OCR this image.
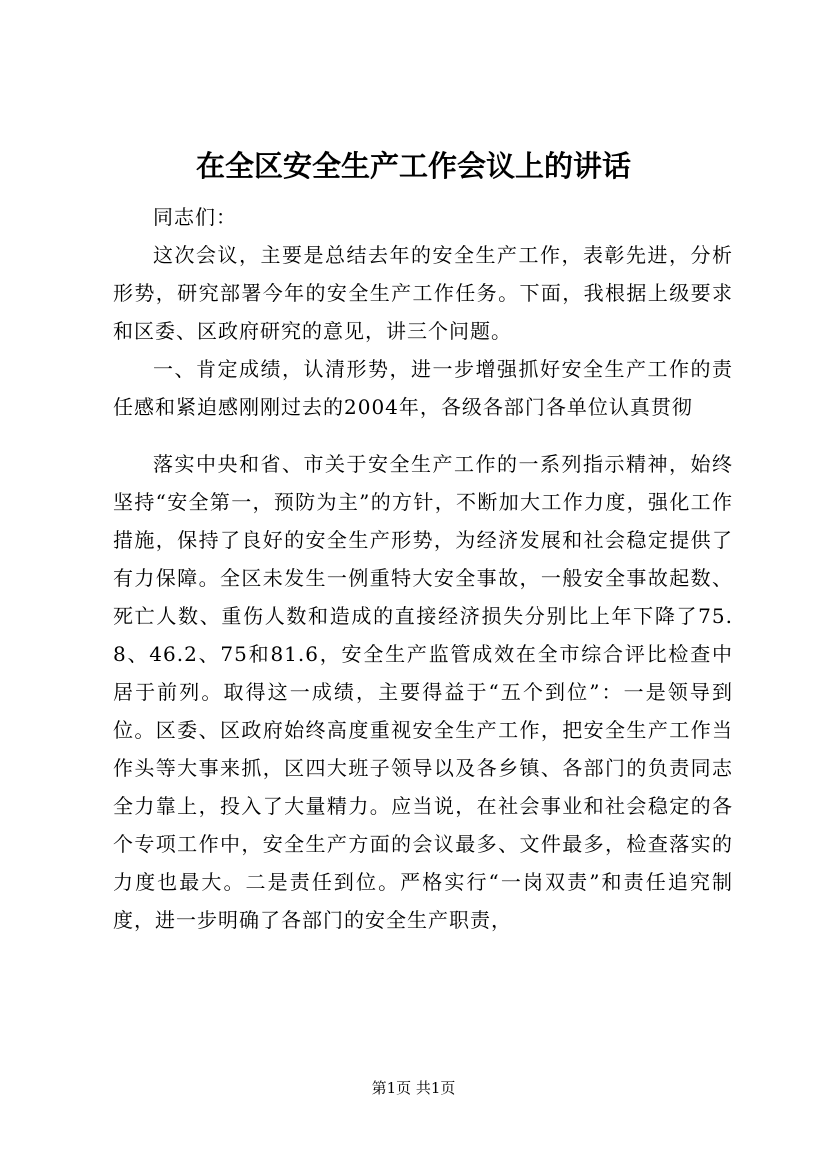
在全区安全生产工作会议上的讲话

同志们：

这次会议，主要是总结去年的安全生产工作，表彰先进，分析形势，研究部署今年的安全生产工作任务。下面，我根据上级要求和区委、区政府研究的意见，讲三个问题。

一、肯定成绩，认清形势，进一步增强抓好安全生产工作的责任感和紧迫感刚刚过去的2004年，各级各部门各单位认真贯彻

落实中央和省、市关于安全生产工作的一系列指示精神，始终坚持“安全第一，预防为主”的方针，不断加大工作力度，强化工作措施，保持了良好的安全生产形势，为经济发展和社会稳定提供了有力保障。全区未发生一例重特大安全事故，一般安全事故起数、死亡人数、重伤人数和造成的直接经济损失分别比上年下降了75.8、46.2、75和81.6，安全生产监管成效在全市综合评比检查中居于前列。取得这一成绩，主要得益于“五个到位”：一是领导到位。区委、区政府始终高度重视安全生产工作，把安全生产工作当作头等大事来抓，区四大班子领导以及各乡镇、各部门的负责同志全力靠上，投入了大量精力。应当说，在社会事业和社会稳定的各个专项工作中，安全生产方面的会议最多、文件最多，检查落实的力度也最大。二是责任到位。严格实行“一岗双责”和责任追究制度，进一步明确了各部门的安全生产职责，

第1页 共1页
